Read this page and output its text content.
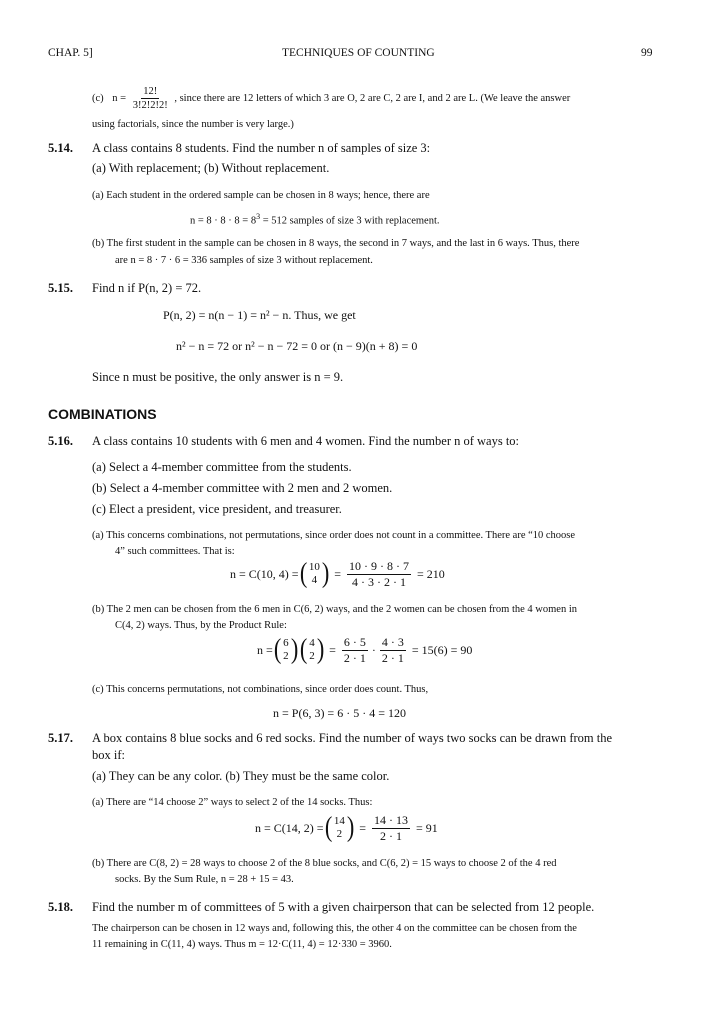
CHAP. 5]	TECHNIQUES OF COUNTING	99
(c) $n = \frac{12!}{3!2!2!2!}$ , since there are 12 letters of which 3 are O, 2 are C, 2 are I, and 2 are L. (We leave the answer
using factorials, since the number is very large.)
5.14. A class contains 8 students. Find the number n of samples of size 3:
(a) With replacement; (b) Without replacement.
(a) Each student in the ordered sample can be chosen in 8 ways; hence, there are
$n = 8 \cdot 8 \cdot 8 = 8^3 = 512$ samples of size 3 with replacement.
(b) The first student in the sample can be chosen in 8 ways, the second in 7 ways, and the last in 6 ways. Thus, there
are n = 8 · 7 · 6 = 336 samples of size 3 without replacement.
5.15. Find n if P(n, 2) = 72.
P(n, 2) = n(n − 1) = n² − n. Thus, we get
n² − n = 72 or n² − n − 72 = 0 or (n − 9)(n + 8) = 0
Since n must be positive, the only answer is n = 9.
COMBINATIONS
5.16. A class contains 10 students with 6 men and 4 women. Find the number n of ways to:
(a) Select a 4-member committee from the students.
(b) Select a 4-member committee with 2 men and 2 women.
(c) Elect a president, vice president, and treasurer.
(a) This concerns combinations, not permutations, since order does not count in a committee. There are “10 choose
4” such committees. That is:
n = C(10, 4) = ( 10
4 ) = $\frac{10 \cdot 9 \cdot 8 \cdot 7}{4 \cdot 3 \cdot 2 \cdot 1} = 210$
(b) The 2 men can be chosen from the 6 men in C(6, 2) ways, and the 2 women can be chosen from the 4 women in
C(4, 2) ways. Thus, by the Product Rule:
n = ( 6
2 ) ( 4
2 ) = $\frac{6 \cdot 5}{2 \cdot 1} \cdot \frac{4 \cdot 3}{2 \cdot 1} = 15(6) = 90$
(c) This concerns permutations, not combinations, since order does count. Thus,
n = P(6, 3) = 6 · 5 · 4 = 120
5.17. A box contains 8 blue socks and 6 red socks. Find the number of ways two socks can be drawn from the
box if:
(a) They can be any color. (b) They must be the same color.
(a) There are “14 choose 2” ways to select 2 of the 14 socks. Thus:
n = C(14, 2) = ( 14
2 ) = $\frac{14 \cdot 13}{2 \cdot 1} = 91$
(b) There are C(8, 2) = 28 ways to choose 2 of the 8 blue socks, and C(6, 2) = 15 ways to choose 2 of the 4 red
socks. By the Sum Rule, n = 28 + 15 = 43.
5.18. Find the number m of committees of 5 with a given chairperson that can be selected from 12 people.
The chairperson can be chosen in 12 ways and, following this, the other 4 on the committee can be chosen from the
11 remaining in C(11, 4) ways. Thus m = 12·C(11, 4) = 12·330 = 3960.
